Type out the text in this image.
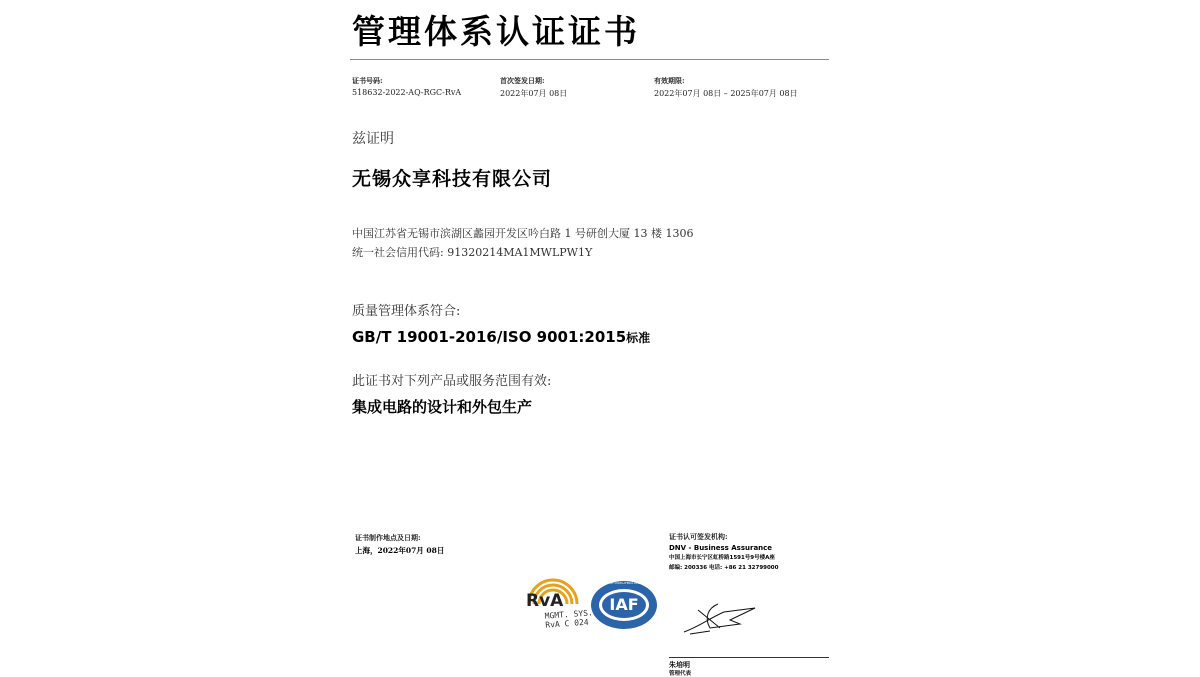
管理体系认证证书
证书号码:
518632-2022-AQ-RGC-RvA
首次签发日期:
2022年07月 08日
有效期限:
2022年07月 08日 – 2025年07月 08日
兹证明
无锡众享科技有限公司
中国江苏省无锡市滨湖区蠡园开发区吟白路 1 号研创大厦 13 楼 1306
统一社会信用代码: 91320214MA1MWLPW1Y
质量管理体系符合:
GB/T 19001-2016/ISO 9001:2015标准
此证书对下列产品或服务范围有效:
集成电路的设计和外包生产
证书制作地点及日期:
上海，2022年07月 08日
证书认可签发机构:
DNV - Business Assurance
中国上海市长宁区虹桥路1591号9号楼A座
邮编: 200336 电话: +86 21 32799000
RvA
MGMT. SYS.
RvA C 024
IAF
MEMBER OF MULTILATERAL RECOGNITION ARRANGEMENT
朱培明
管理代表
